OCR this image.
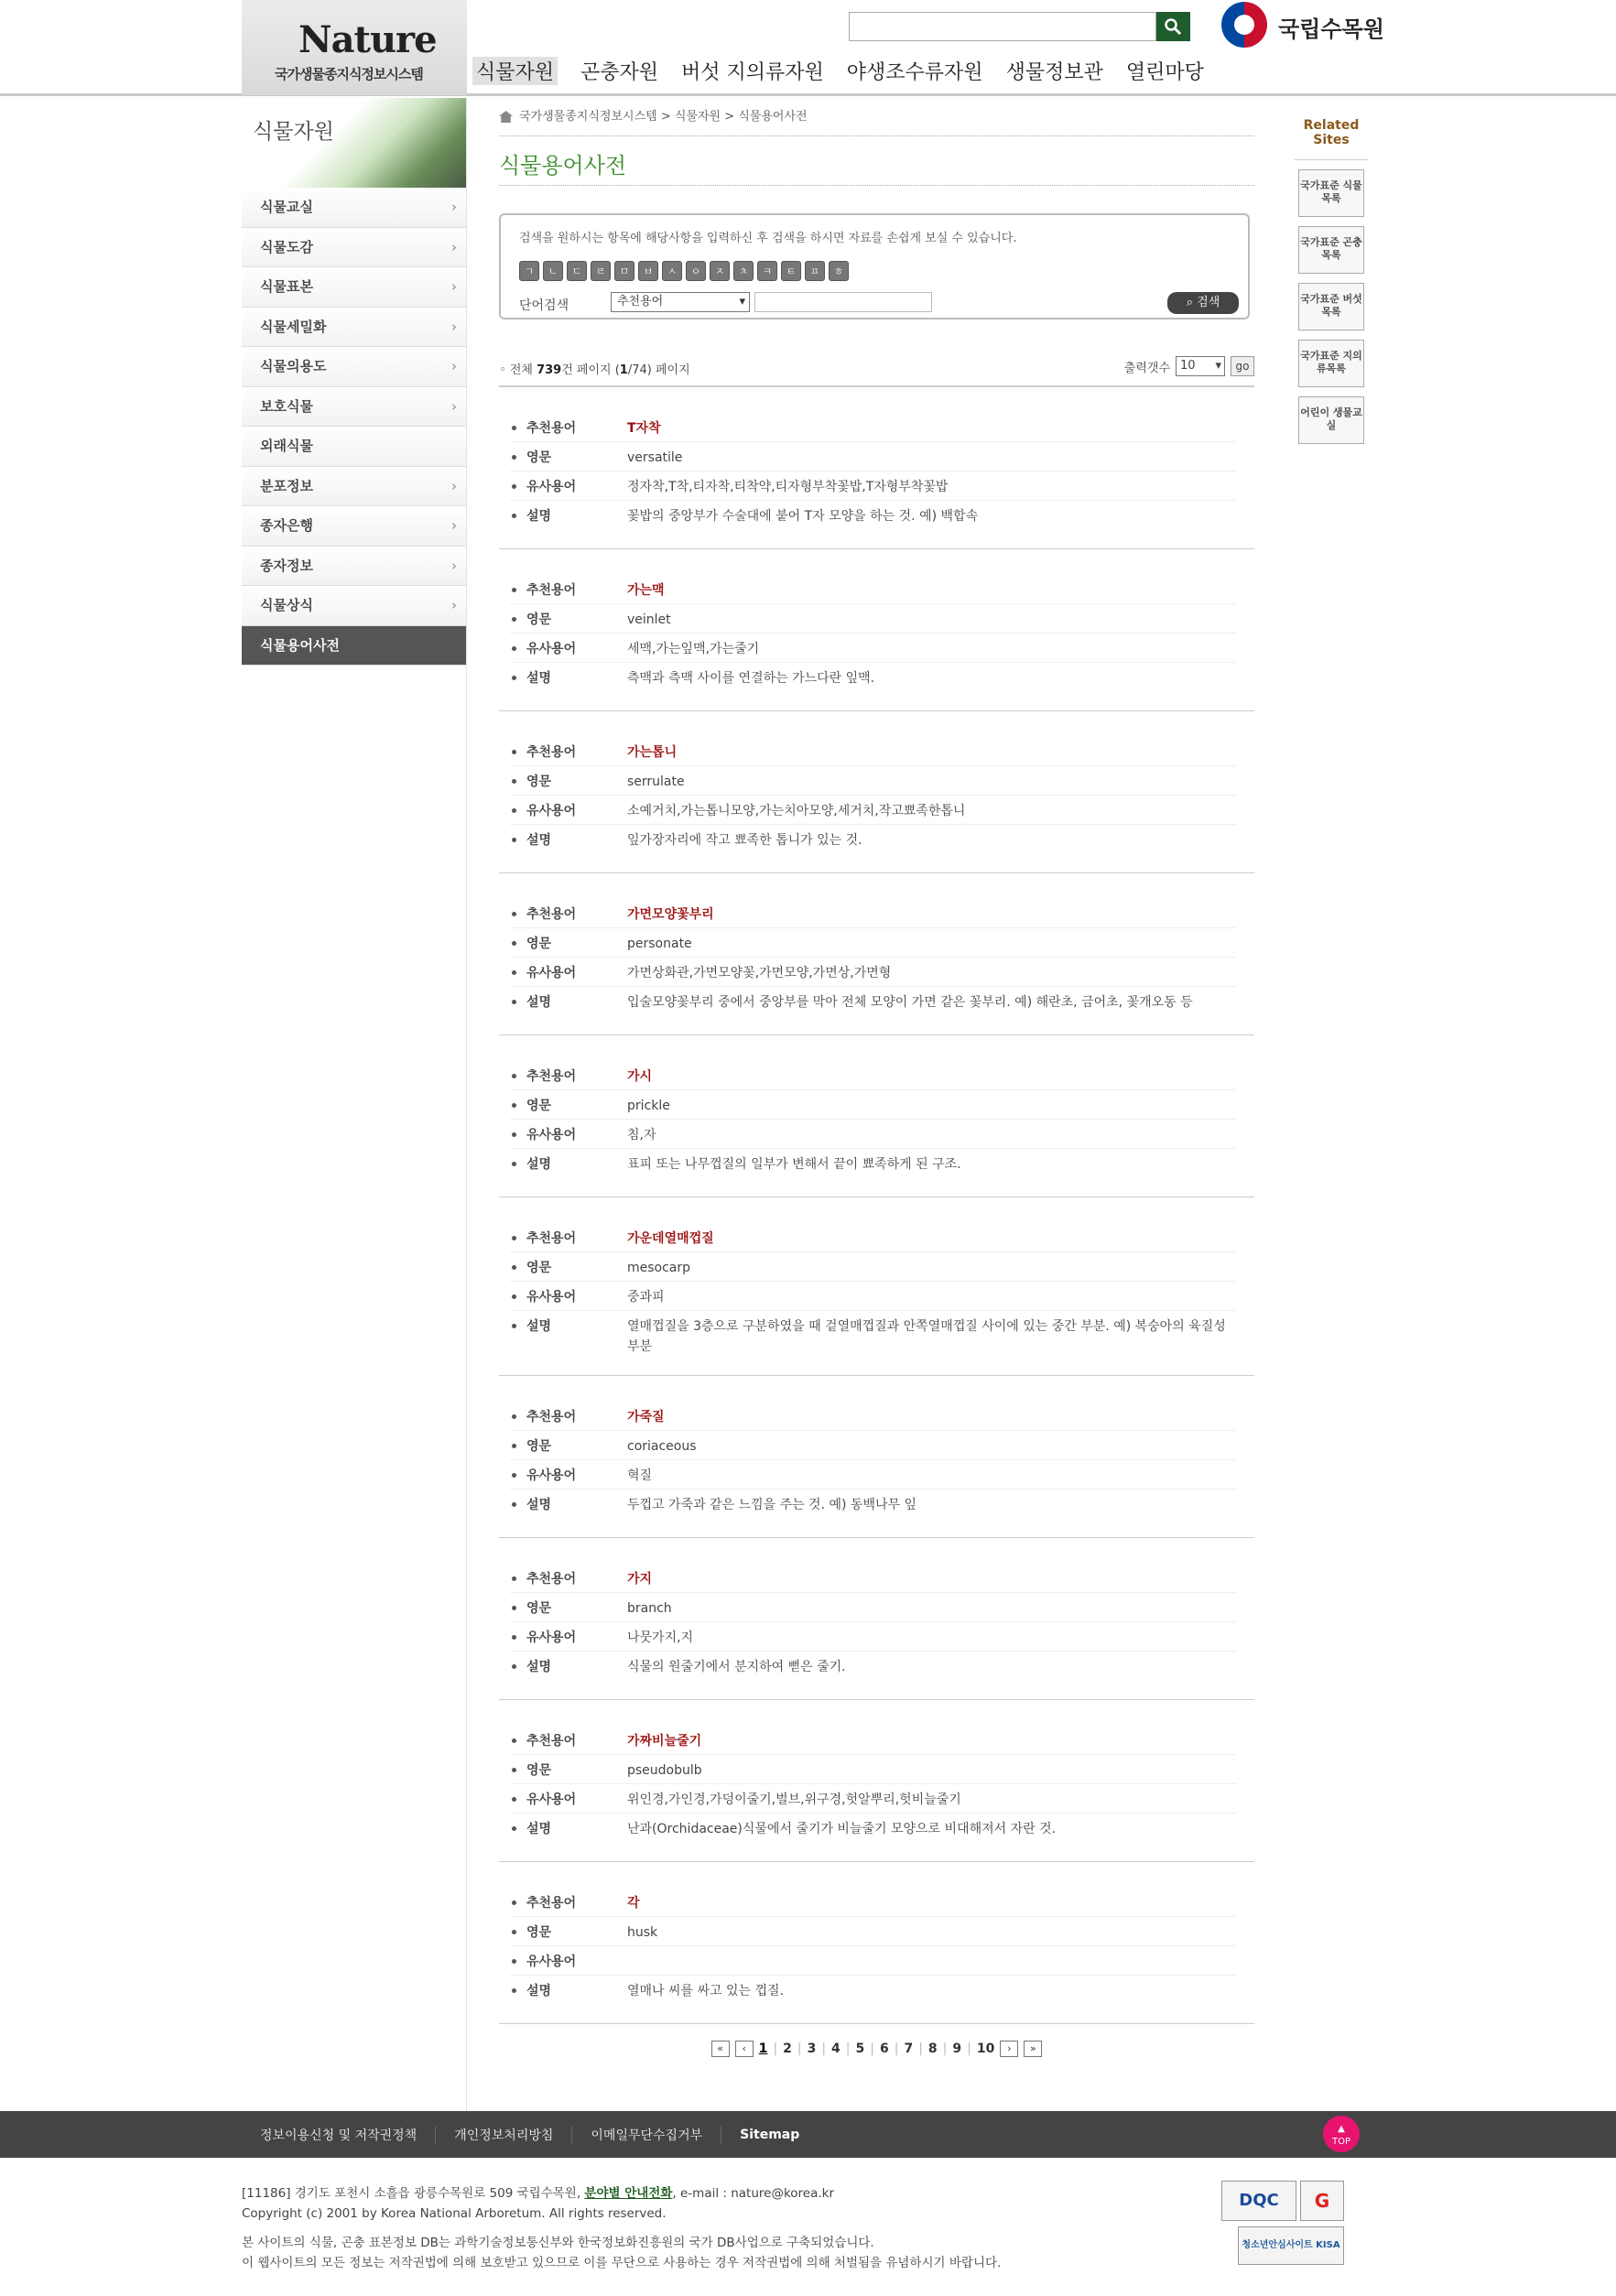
Nature
국가생물종지식정보시스템	식물자원 곤충자원 버섯 지의류자원 야생조수류자원 생물정보관 열린마당
국립수목원
식물자원
식물교실	›
식물도감	›
식물표본	›
식물세밀화	›
식물의용도	›
보호식물	›
외래식물
분포정보	›
종자은행	›
종자정보	›
식물상식	›
식물용어사전
국가생물종지식정보시스템 > 식물자원 > 식물용어사전
식물용어사전
검색을 원하시는 항목에 해당사항을 입력하신 후 검색을 하시면 자료를 손쉽게 보실 수 있습니다.
ㄱ	ㄴ	ㄷ	ㄹ	ㅁ	ㅂ	ㅅ	ㅇ	ㅈ	ㅊ	ㅋ	ㅌ	ㅍ	ㅎ
단어검색	추천용어 ▾	⌕ 검색
◦ 전체 739건 페이지 (1/74) 페이지	출력갯수 10 ▾	go
추천용어	T자착
영문	versatile
유사용어	정자착,T착,티자착,티착약,티자형부착꽃밥,T자형부착꽃밥
설명	꽃밥의 중앙부가 수술대에 붙어 T자 모양을 하는 것. 예) 백합속
추천용어	가는맥
영문	veinlet
유사용어	세맥,가는잎맥,가는줄기
설명	측맥과 측맥 사이를 연결하는 가느다란 잎맥.
추천용어	가는톱니
영문	serrulate
유사용어	소예거치,가는톱니모양,가는치아모양,세거치,작고뾰족한톱니
설명	잎가장자리에 작고 뾰족한 톱니가 있는 것.
추천용어	가면모양꽃부리
영문	personate
유사용어	가면상화관,가면모양꽃,가면모양,가면상,가면형
설명	입술모양꽃부리 중에서 중앙부를 막아 전체 모양이 가면 같은 꽃부리. 예) 해란초, 금어초, 꽃개오동 등
추천용어	가시
영문	prickle
유사용어	침,자
설명	표피 또는 나무껍질의 일부가 변해서 끝이 뾰족하게 된 구조.
추천용어	가운데열매껍질
영문	mesocarp
유사용어	중과피
설명	열매껍질을 3층으로 구분하였을 때 겉열매껍질과 안쪽열매껍질 사이에 있는 중간 부분. 예) 복숭아의 육질성 부분
추천용어	가죽질
영문	coriaceous
유사용어	혁질
설명	두껍고 가죽과 같은 느낌을 주는 것. 예) 동백나무 잎
추천용어	가지
영문	branch
유사용어	나뭇가지,지
설명	식물의 원줄기에서 분지하여 뻗은 줄기.
추천용어	가짜비늘줄기
영문	pseudobulb
유사용어	위인경,가인경,가덩이줄기,벌브,위구경,헛알뿌리,헛비늘줄기
설명	난과(Orchidaceae)식물에서 줄기가 비늘줄기 모양으로 비대해져서 자란 것.
추천용어	각
영문	husk
유사용어
설명	열매나 씨를 싸고 있는 껍질.
«	‹ 1 | 2 | 3 | 4 | 5 | 6 | 7 | 8 | 9 | 10	›	»
Related Sites
국가표준 식물목록
국가표준 곤충목록
국가표준 버섯목록
국가표준 지의류목록
어린이 생물교실
정보이용신청 및 저작권정책	개인정보처리방침	이메일무단수집거부	Sitemap	▲
TOP
[11186] 경기도 포천시 소흘읍 광릉수목원로 509 국립수목원, 분야별 안내전화, e-mail : nature@korea.kr
Copyright (c) 2001 by Korea National Arboretum. All rights reserved.
본 사이트의 식물, 곤충 표본정보 DB는 과학기술정보통신부와 한국정보화진흥원의 국가 DB사업으로 구축되었습니다.
이 웹사이트의 모든 정보는 저작권법에 의해 보호받고 있으므로 이를 무단으로 사용하는 경우 저작권법에 의해 처벌됨을 유념하시기 바랍니다.
DQC	G
청소년안심사이트 KISA
